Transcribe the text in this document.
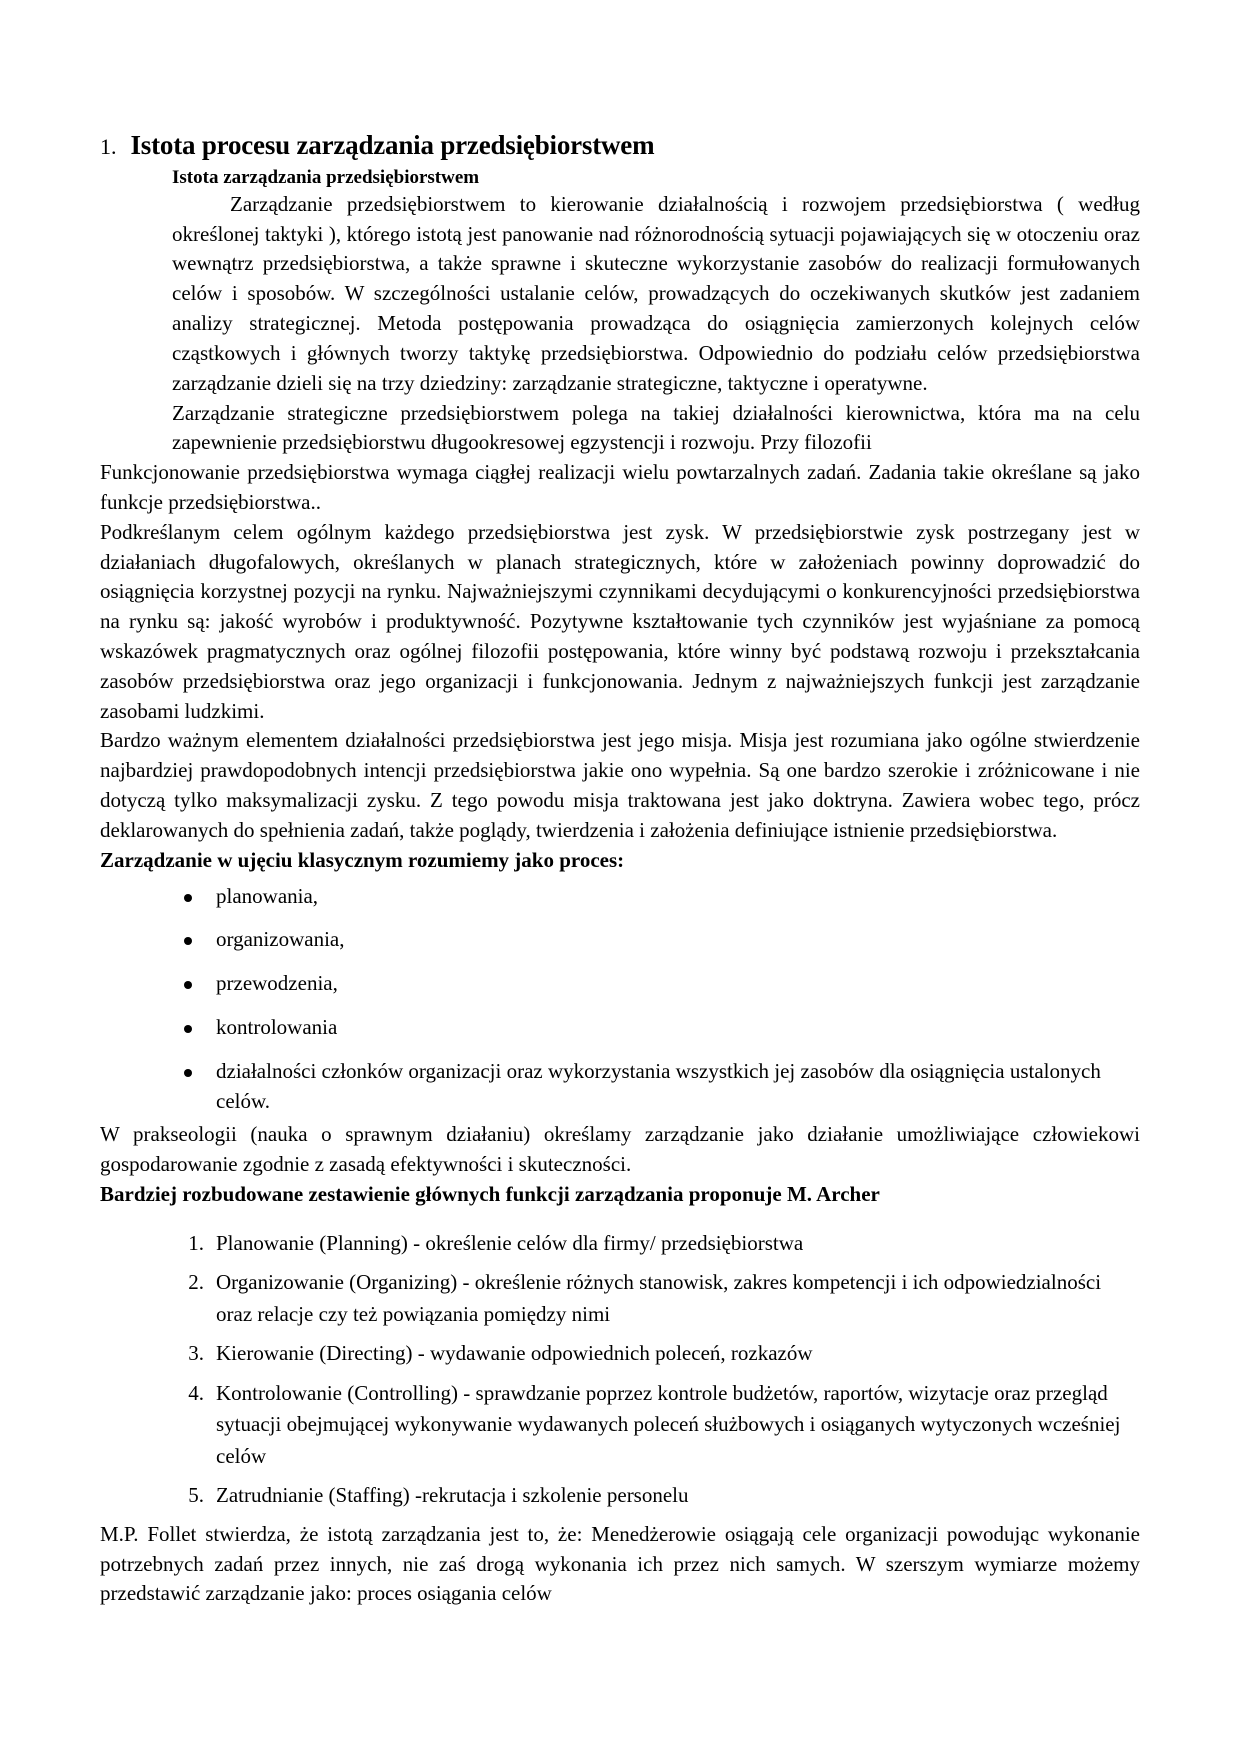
1. Istota procesu zarządzania przedsiębiorstwem
Istota zarządzania przedsiębiorstwem

Zarządzanie przedsiębiorstwem to kierowanie działalnością i rozwojem przedsiębiorstwa ( według określonej taktyki ), którego istotą jest panowanie nad różnorodnością sytuacji pojawiających się w otoczeniu oraz wewnątrz przedsiębiorstwa, a także sprawne i skuteczne wykorzystanie zasobów do realizacji formułowanych celów i sposobów. W szczególności ustalanie celów, prowadzących do oczekiwanych skutków jest zadaniem analizy strategicznej. Metoda postępowania prowadząca do osiągnięcia zamierzonych kolejnych celów cząstkowych i głównych tworzy taktykę przedsiębiorstwa. Odpowiednio do podziału celów przedsiębiorstwa zarządzanie dzieli się na trzy dziedziny: zarządzanie strategiczne, taktyczne i operatywne.

Zarządzanie strategiczne przedsiębiorstwem polega na takiej działalności kierownictwa, która ma na celu zapewnienie przedsiębiorstwu długookresowej egzystencji i rozwoju. Przy filozofii

Funkcjonowanie przedsiębiorstwa wymaga ciągłej realizacji wielu powtarzalnych zadań. Zadania takie określane są jako funkcje przedsiębiorstwa..

Podkreślanym celem ogólnym każdego przedsiębiorstwa jest zysk. W przedsiębiorstwie zysk postrzegany jest w działaniach długofalowych, określanych w planach strategicznych, które w założeniach powinny doprowadzić do osiągnięcia korzystnej pozycji na rynku. Najważniejszymi czynnikami decydującymi o konkurencyjności przedsiębiorstwa na rynku są: jakość wyrobów i produktywność. Pozytywne kształtowanie tych czynników jest wyjaśniane za pomocą wskazówek pragmatycznych oraz ogólnej filozofii postępowania, które winny być podstawą rozwoju i przekształcania zasobów przedsiębiorstwa oraz jego organizacji i funkcjonowania. Jednym z najważniejszych funkcji jest zarządzanie zasobami ludzkimi.

Bardzo ważnym elementem działalności przedsiębiorstwa jest jego misja. Misja jest rozumiana jako ogólne stwierdzenie najbardziej prawdopodobnych intencji przedsiębiorstwa jakie ono wypełnia. Są one bardzo szerokie i zróżnicowane i nie dotyczą tylko maksymalizacji zysku. Z tego powodu misja traktowana jest jako doktryna. Zawiera wobec tego, prócz deklarowanych do spełnienia zadań, także poglądy, twierdzenia i założenia definiujące istnienie przedsiębiorstwa.

Zarządzanie w ujęciu klasycznym rozumiemy jako proces:

planowania,
organizowania,
przewodzenia,
kontrolowania
działalności członków organizacji oraz wykorzystania wszystkich jej zasobów dla osiągnięcia ustalonych celów.

W prakseologii (nauka o sprawnym działaniu) określamy zarządzanie jako działanie umożliwiające człowiekowi gospodarowanie zgodnie z zasadą efektywności i skuteczności.

Bardziej rozbudowane zestawienie głównych funkcji zarządzania proponuje M. Archer

Planowanie (Planning) - określenie celów dla firmy/ przedsiębiorstwa
Organizowanie (Organizing) - określenie różnych stanowisk, zakres kompetencji i ich odpowiedzialności oraz relacje czy też powiązania pomiędzy nimi
Kierowanie (Directing) - wydawanie odpowiednich poleceń, rozkazów
Kontrolowanie (Controlling) - sprawdzanie poprzez kontrole budżetów, raportów, wizytacje oraz przegląd sytuacji obejmującej wykonywanie wydawanych poleceń służbowych i osiąganych wytyczonych wcześniej celów
Zatrudnianie (Staffing) -rekrutacja i szkolenie personelu

M.P. Follet stwierdza, że istotą zarządzania jest to, że: Menedżerowie osiągają cele organizacji powodując wykonanie potrzebnych zadań przez innych, nie zaś drogą wykonania ich przez nich samych. W szerszym wymiarze możemy przedstawić zarządzanie jako: proces osiągania celów
